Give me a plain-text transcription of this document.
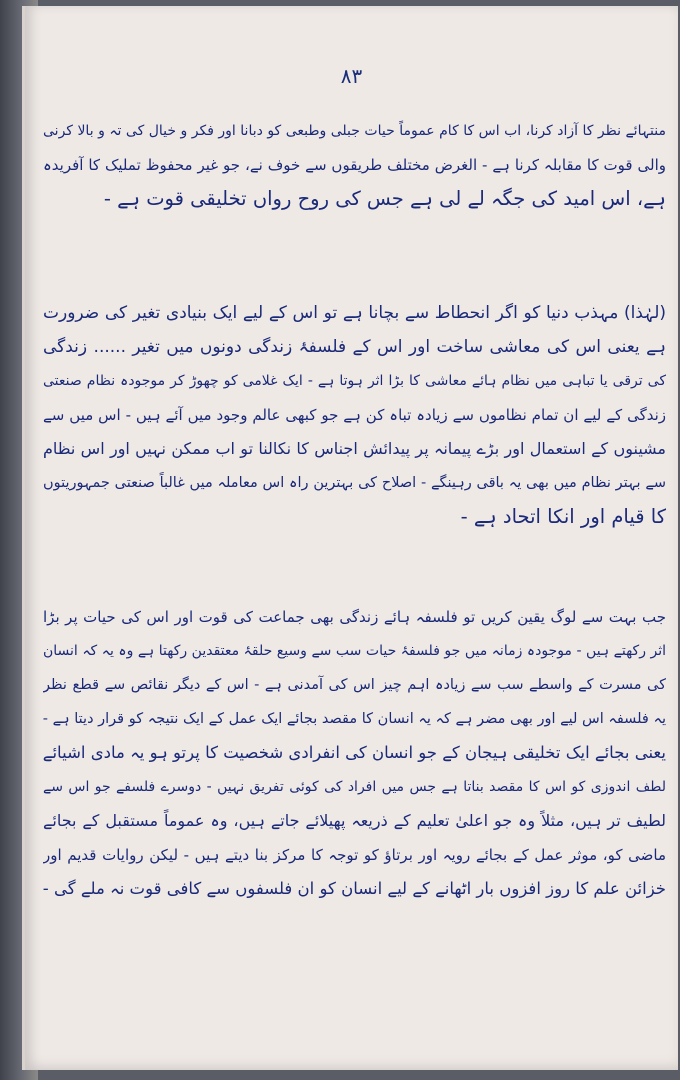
۸۳
منتہائے نظر کا آزاد کرنا، اب اس کا کام عموماً حیات جبلی وطبعی کو دبانا اور فکر و خیال کی تہ و بالا کرنی
والی قوت کا مقابلہ کرنا ہے - الغرض مختلف طریقوں سے خوف نے، جو غیر محفوظ تملیک کا آفریدہ
ہے، اس امید کی جگہ لے لی ہے جس کی روح رواں تخلیقی قوت ہے -
(لہٰذا) مہذب دنیا کو اگر انحطاط سے بچانا ہے تو اس کے لیے ایک بنیادی تغیر کی ضرورت
ہے یعنی اس کی معاشی ساخت اور اس کے فلسفۂ زندگی دونوں میں تغیر ...... زندگی
کی ترقی یا تباہی میں نظام ہائے معاشی کا بڑا اثر ہوتا ہے - ایک غلامی کو چھوڑ کر موجودہ نظام صنعتی
زندگی کے لیے ان تمام نظاموں سے زیادہ تباہ کن ہے جو کبھی عالم وجود میں آئے ہیں - اس میں سے
مشینوں کے استعمال اور بڑے پیمانہ پر پیدائش اجناس کا نکالنا تو اب ممکن نہیں اور اس نظام
سے بہتر نظام میں بھی یہ باقی رہینگے - اصلاح کی بہترین راہ اس معاملہ میں غالباً صنعتی جمہوریتوں
کا قیام اور انکا اتحاد ہے -
جب بہت سے لوگ یقین کریں تو فلسفہ ہائے زندگی بھی جماعت کی قوت اور اس کی حیات پر بڑا
اثر رکھتے ہیں - موجودہ زمانہ میں جو فلسفۂ حیات سب سے وسیع حلقۂ معتقدین رکھتا ہے وہ یہ کہ انسان
کی مسرت کے واسطے سب سے زیادہ اہم چیز اس کی آمدنی ہے - اس کے دیگر نقائص سے قطع نظر
یہ فلسفہ اس لیے اور بھی مضر ہے کہ یہ انسان کا مقصد بجائے ایک عمل کے ایک نتیجہ کو قرار دیتا ہے -
یعنی بجائے ایک تخلیقی ہیجان کے جو انسان کی انفرادی شخصیت کا پرتو ہو یہ مادی اشیائے
لطف اندوزی کو اس کا مقصد بناتا ہے جس میں افراد کی کوئی تفریق نہیں - دوسرے فلسفے جو اس سے
لطیف تر ہیں، مثلاً وہ جو اعلیٰ تعلیم کے ذریعہ پھیلائے جاتے ہیں، وہ عموماً مستقبل کے بجائے
ماضی کو، موثر عمل کے بجائے رویہ اور برتاؤ کو توجہ کا مرکز بنا دیتے ہیں - لیکن روایات قدیم اور
خزائن علم کا روز افزوں بار اٹھانے کے لیے انسان کو ان فلسفوں سے کافی قوت نہ ملے گی -
